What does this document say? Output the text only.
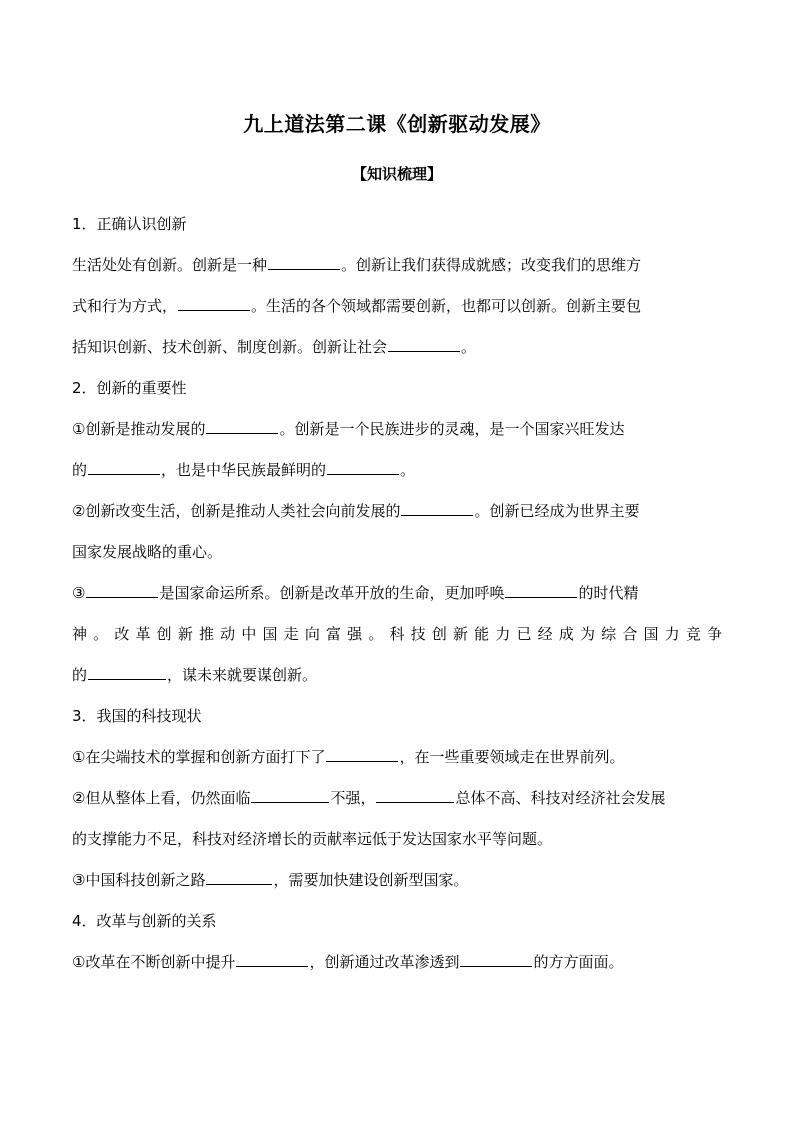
九上道法第二课《创新驱动发展》
【知识梳理】
1．正确认识创新
生活处处有创新。创新是一种	。创新让我们获得成就感；改变我们的思维方
式和行为方式，	。生活的各个领域都需要创新，也都可以创新。创新主要包
括知识创新、技术创新、制度创新。创新让社会	。
2．创新的重要性
①创新是推动发展的	。创新是一个民族进步的灵魂，是一个国家兴旺发达
的	，也是中华民族最鲜明的	。
②创新改变生活，创新是推动人类社会向前发展的	。创新已经成为世界主要
国家发展战略的重心。
③	是国家命运所系。创新是改革开放的生命，更加呼唤	的时代精
神。改革创新推动中国走向富强。科技创新能力已经成为综合国力竞争
的	，谋未来就要谋创新。
3．我国的科技现状
①在尖端技术的掌握和创新方面打下了	，在一些重要领域走在世界前列。
②但从整体上看，仍然面临	不强，	总体不高、科技对经济社会发展
的支撑能力不足，科技对经济增长的贡献率远低于发达国家水平等问题。
③中国科技创新之路	，需要加快建设创新型国家。
4．改革与创新的关系
①改革在不断创新中提升	，创新通过改革渗透到	的方方面面。
